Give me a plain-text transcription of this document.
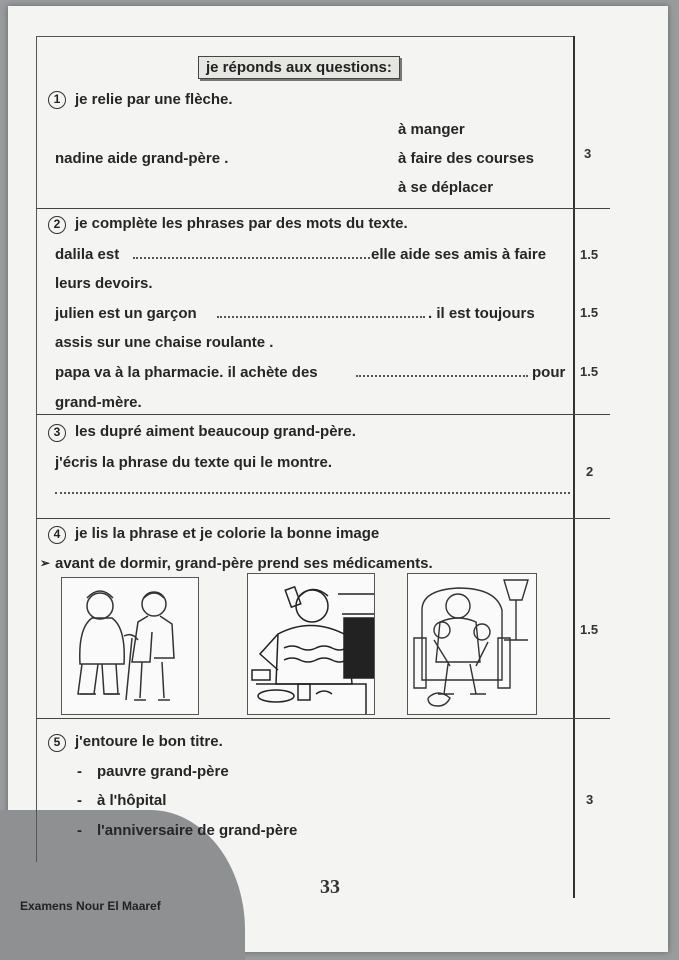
je réponds aux questions:
1 je relie par une flèche.
à manger
nadine aide grand-père .	à faire des courses
à se déplacer
3
2 je complète les phrases par des mots du texte.
dalila est	elle aide ses amis à faire	1.5
leurs devoirs.
julien est un garçon	. il est toujours	1.5
assis sur une chaise roulante .
papa va à la pharmacie. il achète des	pour 1.5
grand-mère.
3 les dupré aiment beaucoup grand-père.
j'écris la phrase du texte qui le montre.
2
4 je lis la phrase et je colorie la bonne image
➢ avant de dormir, grand-père prend ses médicaments.
1.5
5 j'entoure le bon titre.
- pauvre grand-père
- à l'hôpital	3
- l'anniversaire de grand-père
33
Examens Nour El Maaref
